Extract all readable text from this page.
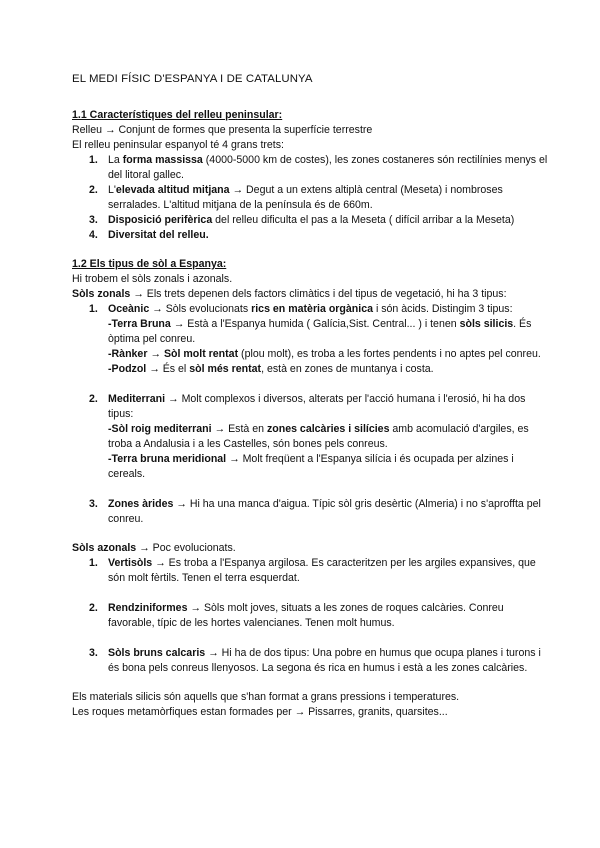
EL MEDI FÍSIC D'ESPANYA I DE CATALUNYA
1.1 Característiques del relleu peninsular:
Relleu → Conjunt de formes que presenta la superfície terrestre
El relleu peninsular espanyol té 4 grans trets:
1. La forma massissa (4000-5000 km de costes), les zones costaneres són rectilínies menys el del litoral gallec.
2. L'elevada altitud mitjana → Degut a un extens altiplà central (Meseta) i nombroses serralades. L'altitud mitjana de la península és de 660m.
3. Disposició perifèrica del relleu dificulta el pas a la Meseta ( difícil arribar a la Meseta)
4. Diversitat del relleu.
1.2 Els tipus de sòl a Espanya:
Hi trobem el sòls zonals i azonals.
Sòls zonals → Els trets depenen dels factors climàtics i del tipus de vegetació, hi ha 3 tipus:
1. Oceànic → Sòls evolucionats rics en matèria orgànica i són àcids. Distingim 3 tipus:
-Terra Bruna → Està a l'Espanya humida ( Galícia,Sist. Central... ) i tenen sòls silicis. És òptima pel conreu.
-Rànker → Sòl molt rentat (plou molt), es troba a les fortes pendents i no aptes pel conreu.
-Podzol → És el sòl més rentat, està en zones de muntanya i costa.
2. Mediterrani → Molt complexos i diversos, alterats per l'acció humana i l'erosió, hi ha dos tipus:
-Sòl roig mediterrani → Està en zones calcàries i silícies amb acomulació d'argiles, es troba a Andalusia i a les Castelles, són bones pels conreus.
-Terra bruna meridional → Molt freqüent a l'Espanya silícia i és ocupada per alzines i cereals.
3. Zones àrides → Hi ha una manca d'aigua. Típic sòl gris desèrtic (Almeria) i no s'aproffta pel conreu.
Sòls azonals → Poc evolucionats.
1. Vertisòls → Es troba a l'Espanya argilosa. Es caracteritzen per les argiles expansives, que són molt fèrtils. Tenen el terra esquerdat.
2. Rendziniformes → Sòls molt joves, situats a les zones de roques calcàries. Conreu favorable, típic de les hortes valencianes. Tenen molt humus.
3. Sòls bruns calcaris → Hi ha de dos tipus: Una pobre en humus que ocupa planes i turons i és bona pels conreus llenyosos. La segona és rica en humus i està a les zones calcàries.
Els materials silicis són aquells que s'han format a grans pressions i temperatures.
Les roques metamòrfiques estan formades per → Pissarres, granits, quarsites...
